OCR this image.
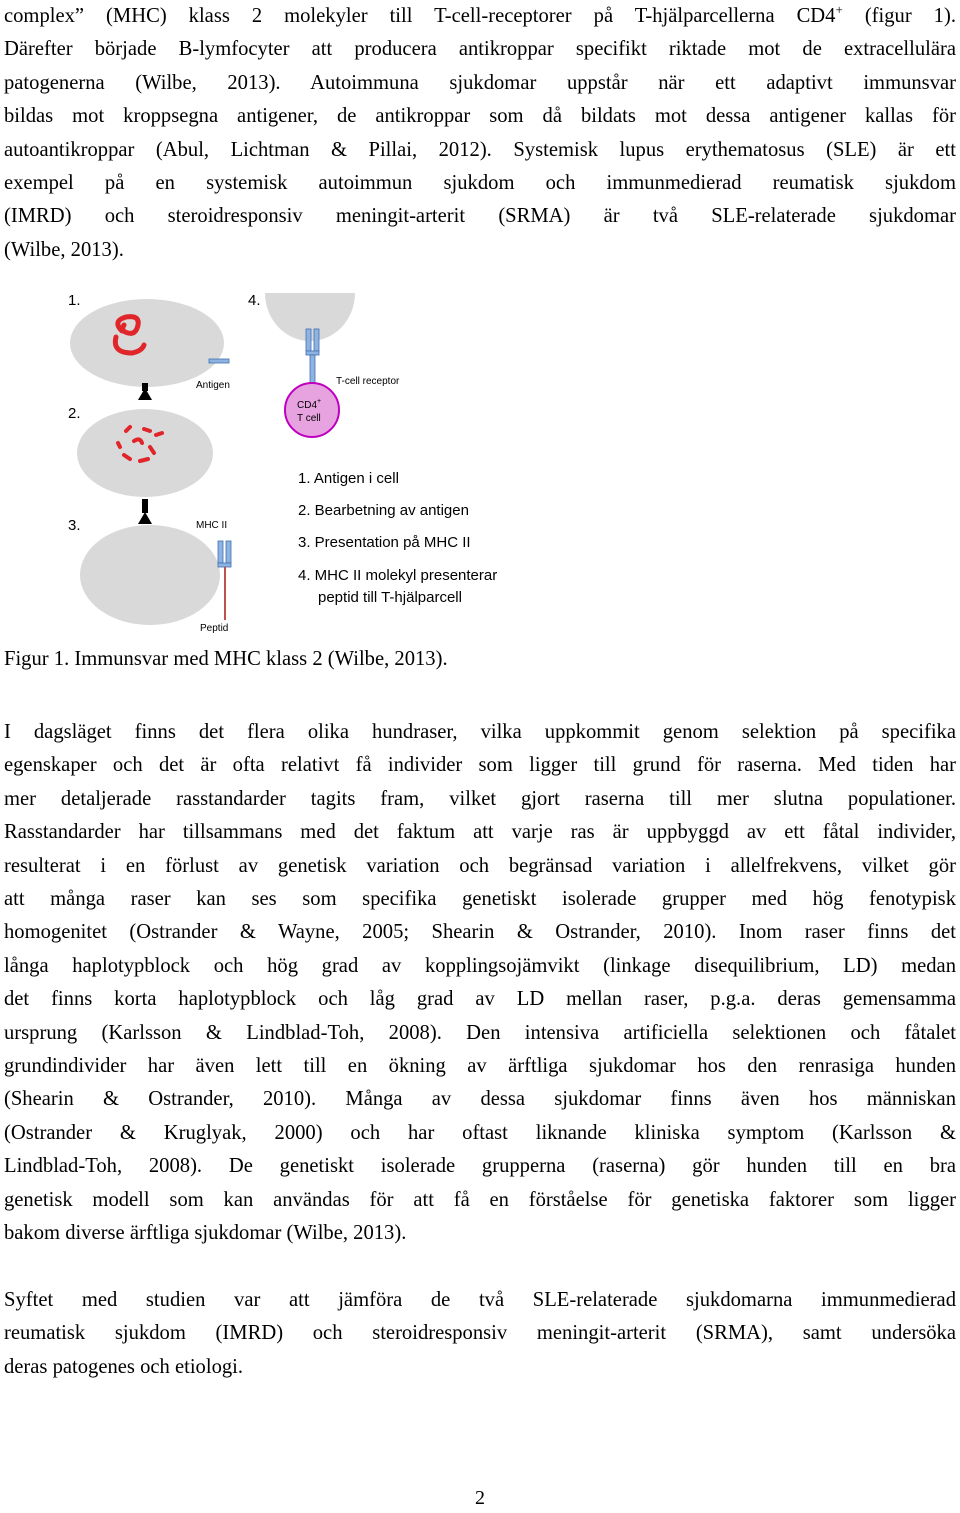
complex” (MHC) klass 2 molekyler till T-cell-receptorer på T-hjälparcellerna CD4+ (figur 1).
Därefter började B-lymfocyter att producera antikroppar specifikt riktade mot de extracellulära
patogenerna (Wilbe, 2013). Autoimmuna sjukdomar uppstår när ett adaptivt immunsvar
bildas mot kroppsegna antigener, de antikroppar som då bildats mot dessa antigener kallas för
autoantikroppar (Abul, Lichtman & Pillai, 2012). Systemisk lupus erythematosus (SLE) är ett
exempel på en systemisk autoimmun sjukdom och immunmedierad reumatisk sjukdom
(IMRD) och steroidresponsiv meningit-arterit (SRMA) är två SLE-relaterade sjukdomar
(Wilbe, 2013).
1.
Antigen
2.
3.	MHC II
Peptid
4.
T-cell receptor
CD4+
T cell
1. Antigen i cell
2. Bearbetning av antigen
3. Presentation på MHC II
4. MHC II molekyl presenterar
peptid till T-hjälparcell

Figur 1. Immunsvar med MHC klass 2 (Wilbe, 2013).

I dagsläget finns det flera olika hundraser, vilka uppkommit genom selektion på specifika
egenskaper och det är ofta relativt få individer som ligger till grund för raserna. Med tiden har
mer detaljerade rasstandarder tagits fram, vilket gjort raserna till mer slutna populationer.
Rasstandarder har tillsammans med det faktum att varje ras är uppbyggd av ett fåtal individer,
resulterat i en förlust av genetisk variation och begränsad variation i allelfrekvens, vilket gör
att många raser kan ses som specifika genetiskt isolerade grupper med hög fenotypisk
homogenitet (Ostrander & Wayne, 2005; Shearin & Ostrander, 2010). Inom raser finns det
långa haplotypblock och hög grad av kopplingsojämvikt (linkage disequilibrium, LD) medan
det finns korta haplotypblock och låg grad av LD mellan raser, p.g.a. deras gemensamma
ursprung (Karlsson & Lindblad-Toh, 2008). Den intensiva artificiella selektionen och fåtalet
grundindivider har även lett till en ökning av ärftliga sjukdomar hos den renrasiga hunden
(Shearin & Ostrander, 2010). Många av dessa sjukdomar finns även hos människan
(Ostrander & Kruglyak, 2000) och har oftast liknande kliniska symptom (Karlsson &
Lindblad-Toh, 2008). De genetiskt isolerade grupperna (raserna) gör hunden till en bra
genetisk modell som kan användas för att få en förståelse för genetiska faktorer som ligger
bakom diverse ärftliga sjukdomar (Wilbe, 2013).
Syftet med studien var att jämföra de två SLE-relaterade sjukdomarna immunmedierad
reumatisk sjukdom (IMRD) och steroidresponsiv meningit-arterit (SRMA), samt undersöka
deras patogenes och etiologi.
2
